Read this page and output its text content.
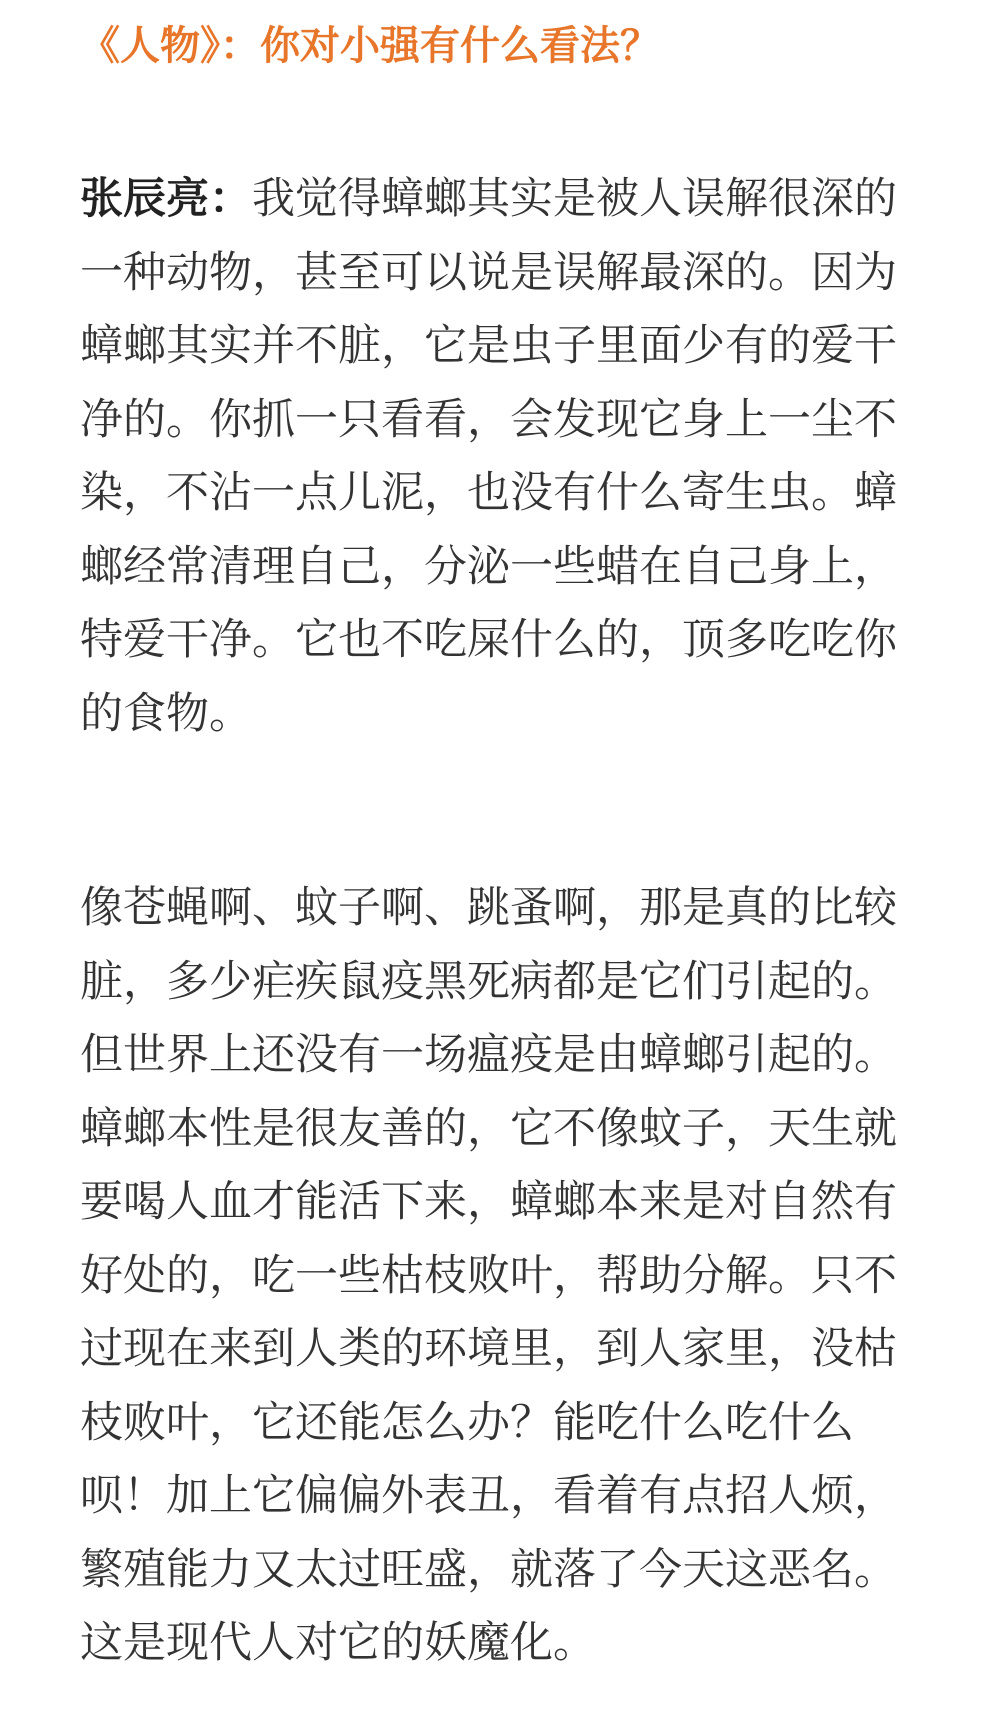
《人物》：你对小强有什么看法？
张辰亮：我觉得蟑螂其实是被人误解很深的
一种动物，甚至可以说是误解最深的。因为
蟑螂其实并不脏，它是虫子里面少有的爱干
净的。你抓一只看看，会发现它身上一尘不
染，不沾一点儿泥，也没有什么寄生虫。蟑
螂经常清理自己，分泌一些蜡在自己身上，
特爱干净。它也不吃屎什么的，顶多吃吃你
的食物。
像苍蝇啊、蚊子啊、跳蚤啊，那是真的比较
脏，多少疟疾鼠疫黑死病都是它们引起的。
但世界上还没有一场瘟疫是由蟑螂引起的。
蟑螂本性是很友善的，它不像蚊子，天生就
要喝人血才能活下来，蟑螂本来是对自然有
好处的，吃一些枯枝败叶，帮助分解。只不
过现在来到人类的环境里，到人家里，没枯
枝败叶，它还能怎么办？能吃什么吃什么
呗！加上它偏偏外表丑，看着有点招人烦，
繁殖能力又太过旺盛，就落了今天这恶名。
这是现代人对它的妖魔化。
